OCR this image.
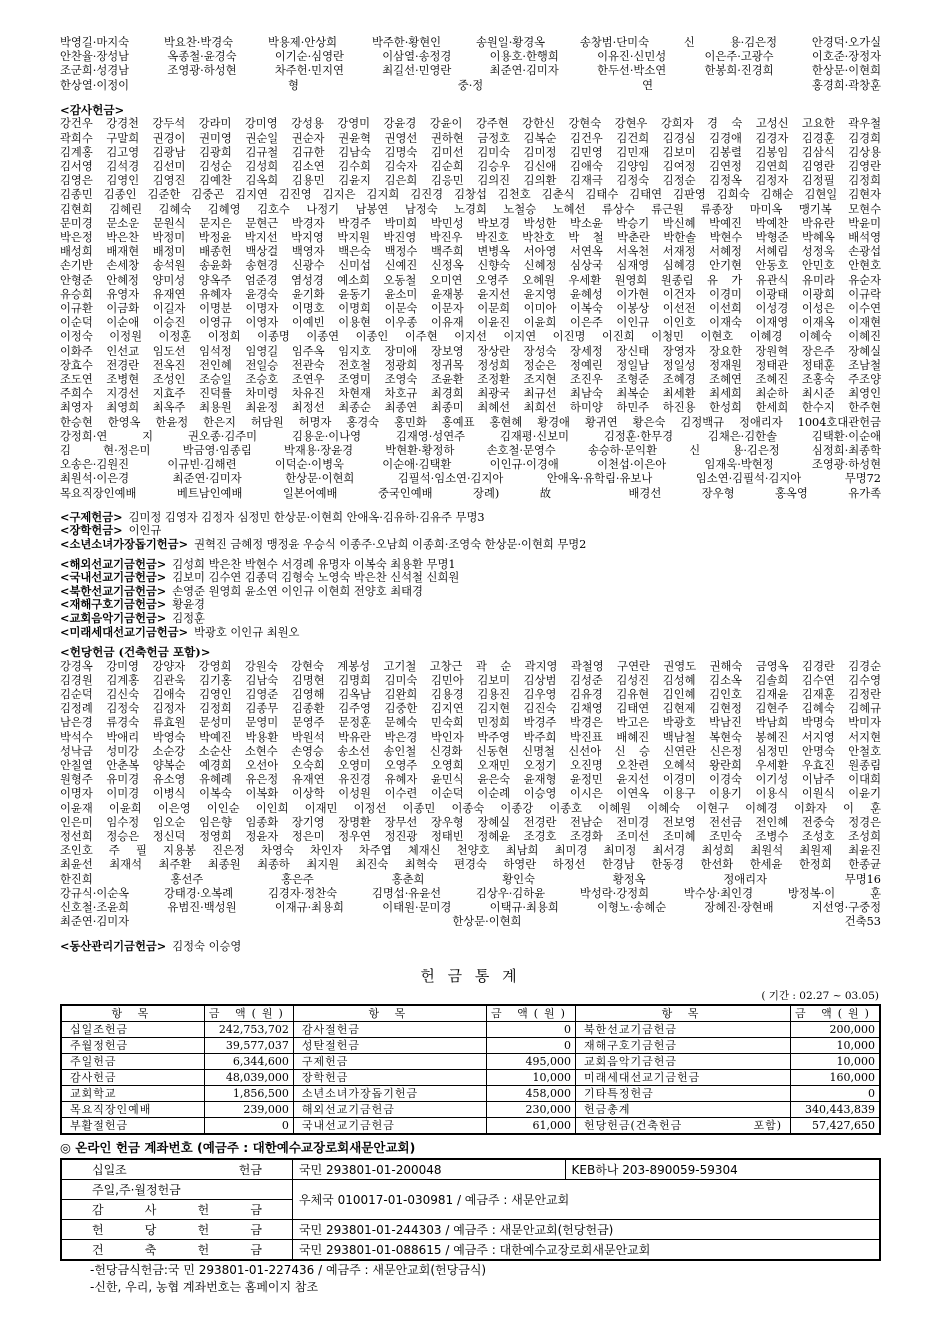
박영길·마지숙 박요찬·박경숙 박용제·안상희 박주한·황현인 송원일·황경옥 송창범·단미숙 신 용·김은정 안경덕·오가실
안찬율·장성남 옥종철·윤경숙 이기순·심영란 이삼열·송정경 이용호·한행희 이유진·신민성 이은주·고광수 이호준·장정자
조군희·성경남 조영광·하성현 차주헌·민지연 최길선·민영란 최준연·김미자 한두선·박소연 한봉희·진경희 한상문·이현희
한상열·이정이 형 중·정 연 홍경희·곽창훈
<감사헌금>
강건우 강경천 강두석 강라미 강미영 강성용 강영미 강윤경 강윤이 강주현 강한신 강현숙 강현우 강희자 경 숙 고성신 고요한 곽우철
곽희수 구말희 권경이 권미영 권순일 권순자 권윤혁 권영선 권하현 금정호 김복순 김건우 김건희 김경심 김경애 김경자 김경훈 김경희
김계홍 김고영 김광남 김광희 김규철 김규한 김남숙 김명숙 김미선 김미숙 김미정 김민영 김민재 김보미 김봉렬 김봉임 김삼식 김상용
김서영 김석경 김선미 김성순 김성희 김소연 김수희 김숙자 김순희 김승우 김신애 김애숙 김양임 김여정 김연정 김연희 김영란 김영란
김영은 김영인 김영진 김예찬 김옥희 김용민 김윤지 김은희 김응민 김의진 김의환 김재극 김정숙 김정순 김정옥 김정자 김정필 김정희
김종민 김종인 김준한 김중곤 김지연 김진영 김지은 김지희 김진경 김창섭 김천호 김춘식 김태수 김태연 김판영 김희숙 김해순 김현일 김현자
김현희 김혜린 김혜숙 김혜영 김호수 나정기 남봉연 남정숙 노경희 노철승 노혜선 류상수 류근원 류종장 마미옥 맹기복 모현수
문미경 문소운 문원식 문지은 문현근 박경자 박경주 박미희 박민성 박보경 박성한 박소윤 박승기 박신혜 박예진 박예찬 박유란 박윤미
박은정 박은찬 박정미 박정윤 박지선 박지영 박지원 박진영 박진우 박진호 박찬호 박 철 박춘란 박한솔 박현수 박형준 박혜옥 배석영
배성희 배재현 배정미 배종헌 백상걸 백영자 백은숙 백정수 백주희 변병옥 서아영 서연옥 서옥천 서재정 서혜정 서혜림 성정욱 손광섭
손기반 손세창 송석원 송윤화 송현경 신광수 신미섭 신예진 신정옥 신향숙 신혜정 심상국 심재영 심혜경 안기현 안동호 안민호 안현호
안형준 안혜정 양미성 양옥주 엄준경 염성경 예소희 오동철 오미연 오영주 오혜원 우세환 원영희 원종림 유 가 유관식 유미라 유순자
유승희 유영자 유재연 유혜자 윤경숙 윤기화 윤동기 윤소미 윤재봉 윤지선 윤지영 윤혜성 이가현 이건자 이경미 이광태 이광희 이규락
이규환 이금화 이길자 이명분 이명자 이명호 이명희 이문숙 이문자 이문희 이미아 이복숙 이봉상 이선전 이선희 이성경 이성은 이수연
이순덕 이순애 이승진 이영규 이영자 이예빈 이용현 이우종 이유재 이윤진 이윤희 이은주 이인규 이인호 이재숙 이재영 이재옥 이재현
이정숙 이정원 이정훈 이정희 이종명 이종연 이종인 이주현 이지선 이지연 이진명 이진희 이청민 이현호 이혜경 이혜숙 이혜진
이화주 인선교 임도선 임석정 임영길 임주옥 임지호 장미애 장보영 장상란 장성숙 장세정 장신태 장영자 장요한 장원혁 장은주 장혜실
장효수 전경란 전옥진 전인혜 전일승 전관숙 전호철 정광희 정귀목 정성희 정순은 정예린 정일남 정일성 정재원 정태관 정태훈 조남철
조도연 조병현 조성인 조승일 조승호 조연우 조영미 조영숙 조윤환 조정환 조지현 조진우 조형준 조혜경 조혜연 조혜진 조홍숙 주조양
주희수 지경선 지효주 진덕률 차미령 차유진 차현재 차호규 최경희 최광국 최규선 최남숙 최복순 최세환 최세희 최순하 최시준 최영인
최영자 최영희 최옥주 최용원 최윤정 최정선 최종순 최종연 최종미 최혜선 최희선 하미양 하민주 하진용 한성희 한세희 한수지 한주현
한승현 한영옥 한윤정 한은지 허담원 허명자 홍경숙 홍민화 홍예표 홍현혜 황경애 황귀연 황은숙 김정백규 정애리자 1004호대관헌금
강정희·연 지 권오종·김주미 김용운·이나영 김재영·성연주 김재평·신보미 김정훈·한무경 김채은·김한솔 김택환·이순애
김 현·정은미 박금영·임종림 박재용·장윤경 박현환·황정하 손호철·문영수 송승하·문익환 신 용·김은정 심정희·최종학
오송은·김원진 이규빈·김해련 이덕순·이병욱 이순애·김택환 이인규·이경애 이천섭·이은아 임재욱·박현정 조영광·하성현
최원석·이은경 최준연·김미자 한상문·이현희 김필석·임소연·김지아 안애옥·유학림·유보나 임소연·김필석·김지아 무명72
목요직장인예배 베트남인예배 일본어예배 중국인예배 장례) 故 배경선 장우형 홍옥영 유가족
<구제헌금> 김미정 김영자 김정자 심정민 한상문·이현희 안애옥·김유하·김유주 무명3
<장학헌금> 이인규
<소년소녀가장돕기헌금> 권혁진 금혜정 맹정윤 우승식 이종주·오남희 이종희·조영숙 한상문·이현희 무명2
<해외선교기금헌금> 김성희 박은찬 박현수 서경례 유명자 이복숙 최용환 무명1
<국내선교기금헌금> 김보미 김수연 김종덕 김형숙 노영숙 박은찬 신석철 신희원
<북한선교기금헌금> 손영준 원영희 윤소연 이인규 이현희 전양호 최태경
<재해구호기금헌금> 황윤경
<교회음악기금헌금> 김정훈
<미래세대선교기금헌금> 박광호 이인규 최원오
<헌당헌금 (건축헌금 포함)>
강경옥 강미영 강양자 강영희 강원숙 강현숙 계봉성 고기철 고창근 곽 순 곽지영 곽철영 구연란 권영도 권해숙 금영옥 김경란 김경순
김경원 김계홍 김관욱 김기홍 김남숙 김명현 김명희 김미숙 김민아 김보미 김상범 김성준 김성진 김성혜 김소옥 김솔희 김수연 김수영
김순덕 김신숙 김애숙 김영인 김영준 김영해 김옥남 김완희 김용경 김용진 김우영 김유경 김유현 김인혜 김인호 김재윤 김재훈 김정란
김정례 김정숙 김정자 김정희 김종무 김종환 김주영 김중한 김지연 김지현 김진숙 김채영 김태연 김현제 김현정 김현주 김혜숙 김혜규
남은경 류경숙 류효원 문성미 문영미 문영주 문정훈 문혜숙 민숙희 민정희 박경주 박경은 박고은 박광호 박남진 박남희 박명숙 박미자
박석수 박애리 박영숙 박예진 박용환 박원석 박유란 박은경 박인자 박주영 박주희 박진표 배혜진 백남철 복현숙 봉혜진 서지영 서지현
성낙금 성미강 소순강 소순산 소현수 손영승 송소선 송인철 신경화 신동현 신명철 신선아 신 승 신연란 신은정 심정민 안명숙 안철호
안칠열 안춘복 양복순 예경희 오선아 오숙희 오영미 오영주 오영희 오재민 오정기 오진명 오찬련 오혜석 왕란희 우세환 우효진 원종림
원형주 유미경 유소영 유혜례 유은정 유재연 유진경 유혜자 윤민식 윤은숙 윤재형 윤정민 윤지선 이경미 이경숙 이기성 이남주 이대희
이명자 이미경 이병식 이복숙 이복화 이상학 이성원 이수련 이순덕 이순례 이승영 이시은 이연옥 이용구 이용기 이용식 이원식 이윤기
이윤재 이윤희 이은영 이인순 이인희 이재민 이정선 이종민 이종숙 이종강 이종호 이혜원 이혜숙 이현구 이혜경 이화자 이 훈
인은미 임수정 임오순 임은향 임종화 장기영 장명환 장무선 장우형 장혜실 전경란 전남순 전미경 전보영 전선금 전인혜 전중숙 정경은
정선희 정승은 정신덕 정영희 정윤자 정은미 정우연 정진광 정태빈 정혜윤 조경호 조경화 조미선 조미혜 조민숙 조병수 조성호 조성희
조인호 주 필 지용봉 진은정 차영숙 차인자 차주엽 체재신 천양호 최남희 최미경 최미정 최서경 최성희 최원석 최원제 최윤진
최윤선 최재석 최주환 최종원 최종하 최지원 최진숙 최혁숙 편경숙 하영란 하정선 한경남 한동경 한선화 한세윤 한정희 한종균
한진희 홍선주 홍은주 홍춘희 황인숙 황정옥 정애리자 무명16
강규식·이순옥 강태경·오복례 김경자·정찬숙 김명섭·유윤선 김상우·김하윤 박성락·강정희 박수상·최인경 방정복·이 훈
신호철·조윤희 유범진·백성원 이재규·최용희 이태원·문미경 이택규·최용희 이형노·송혜순 장혜진·장현배 지선영·구중정
최준연·김미자 한상문·이현희 건축53
<동산관리기금헌금> 김정숙 이승영
헌 금 통 계
( 기간 : 02.27 ~ 03.05)
항 목	금 액(원)	항 목	금 액(원)	항 목	금 액(원)
십일조헌금	242,753,702	감사절헌금	0	북한선교기금헌금	200,000
주월정헌금	39,577,037	성탄절헌금	0	재해구호기금헌금	10,000
주일헌금	6,344,600	구제헌금	495,000	교회음악기금헌금	10,000
감사헌금	48,039,000	장학헌금	10,000	미래세대선교기금헌금	160,000
교회학교	1,856,500	소년소녀가장돕기헌금	458,000	기타특정헌금	0
목요직장인예배	239,000	해외선교기금헌금	230,000	헌금총계	340,443,839
부활절헌금	0	국내선교기금헌금	61,000	헌당헌금(건축헌금 포함)	57,427,650
◎ 온라인 헌금 계좌번호 (예금주 : 대한예수교장로회새문안교회)
십일조 헌금	국민 293801-01-200048	KEB하나 203-890059-59304
주일,주·월정헌금	우체국 010017-01-030981 / 예금주 : 새문안교회	
감 사 헌 금		
헌 당 헌 금	국민 293801-01-244303 / 예금주 : 새문안교회(헌당헌금)	
건 축 헌 금	국민 293801-01-088615 / 예금주 : 대한예수교장로회새문안교회	
-헌당금식헌금:국 민 293801-01-227436 / 예금주 : 새문안교회(헌당금식)
-신한, 우리, 농협 계좌번호는 홈페이지 참조
